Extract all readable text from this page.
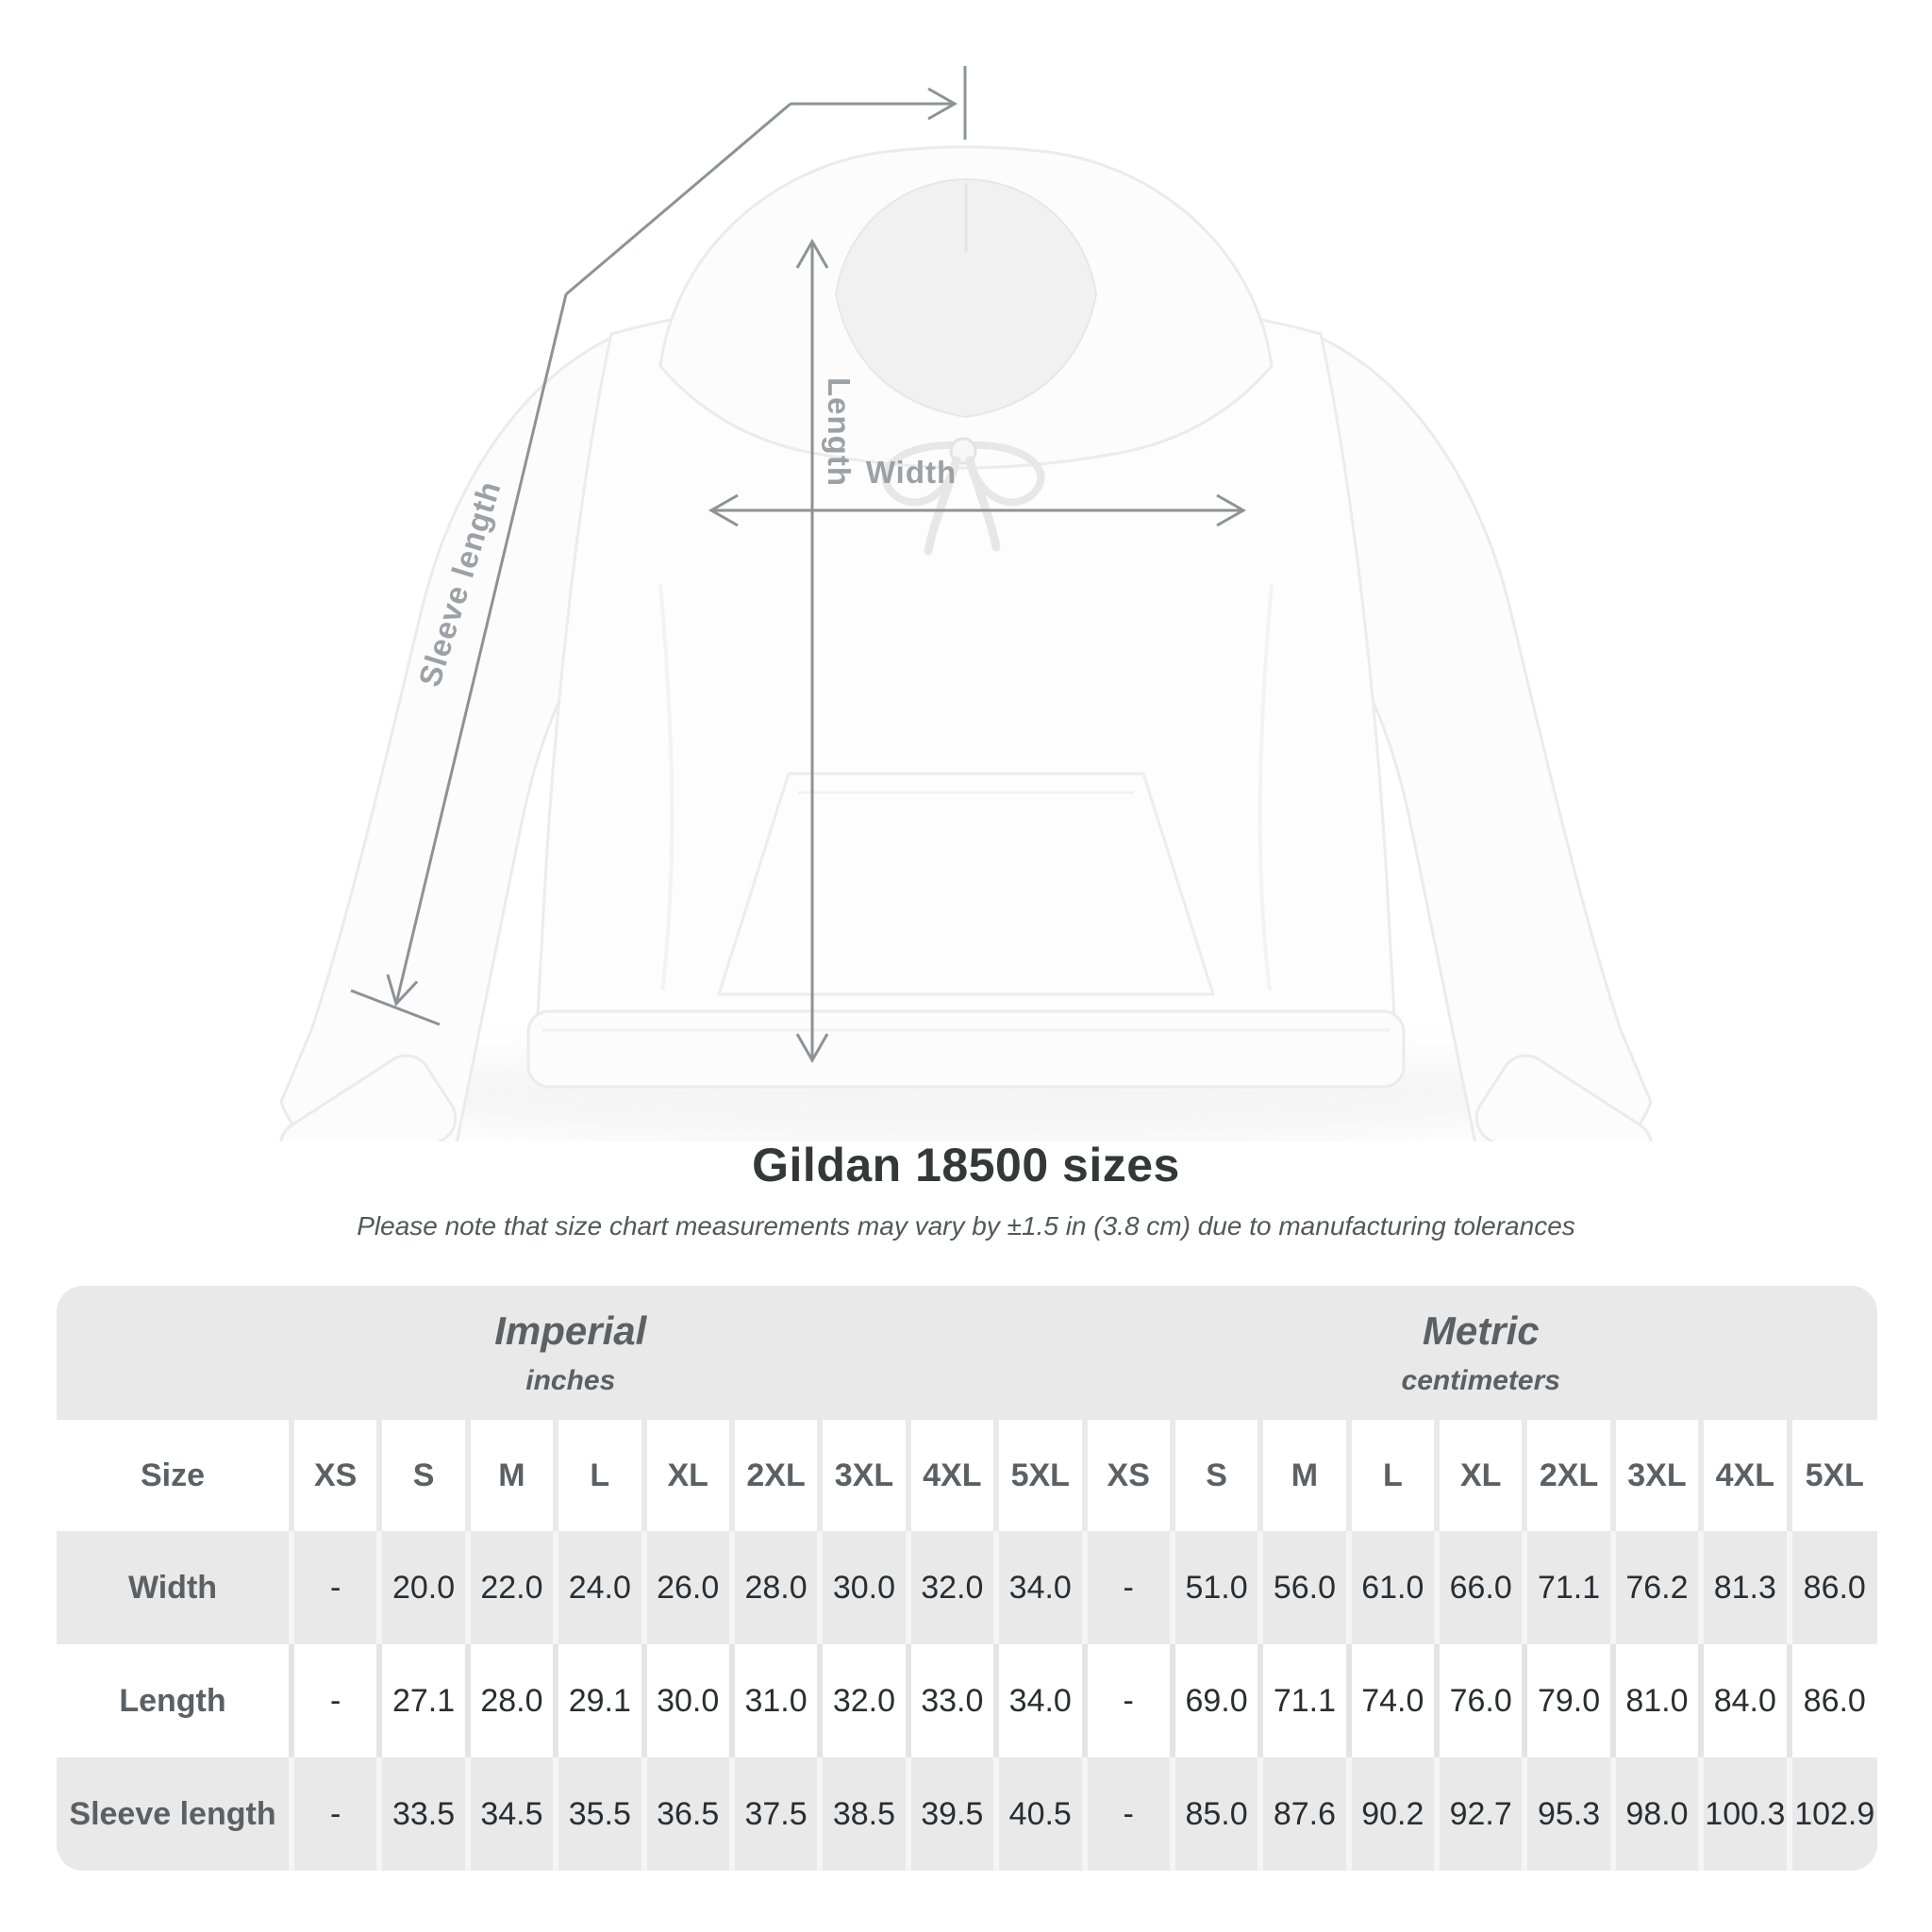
Sleeve length
Length Width
Gildan 18500 sizes

Please note that size chart measurements may vary by ±1.5 in (3.8 cm) due to manufacturing tolerances

Imperial
inches

Metric
centimeters

Size	XS	S	M	L	XL	2XL	3XL	4XL	5XL	XS	S	M	L	XL	2XL	3XL	4XL	5XL
Width	-	20.0	22.0	24.0	26.0	28.0	30.0	32.0	34.0	-	51.0	56.0	61.0	66.0	71.1	76.2	81.3	86.0
Length	-	27.1	28.0	29.1	30.0	31.0	32.0	33.0	34.0	-	69.0	71.1	74.0	76.0	79.0	81.0	84.0	86.0
Sleeve length	-	33.5	34.5	35.5	36.5	37.5	38.5	39.5	40.5	-	85.0	87.6	90.2	92.7	95.3	98.0	100.3	102.9
